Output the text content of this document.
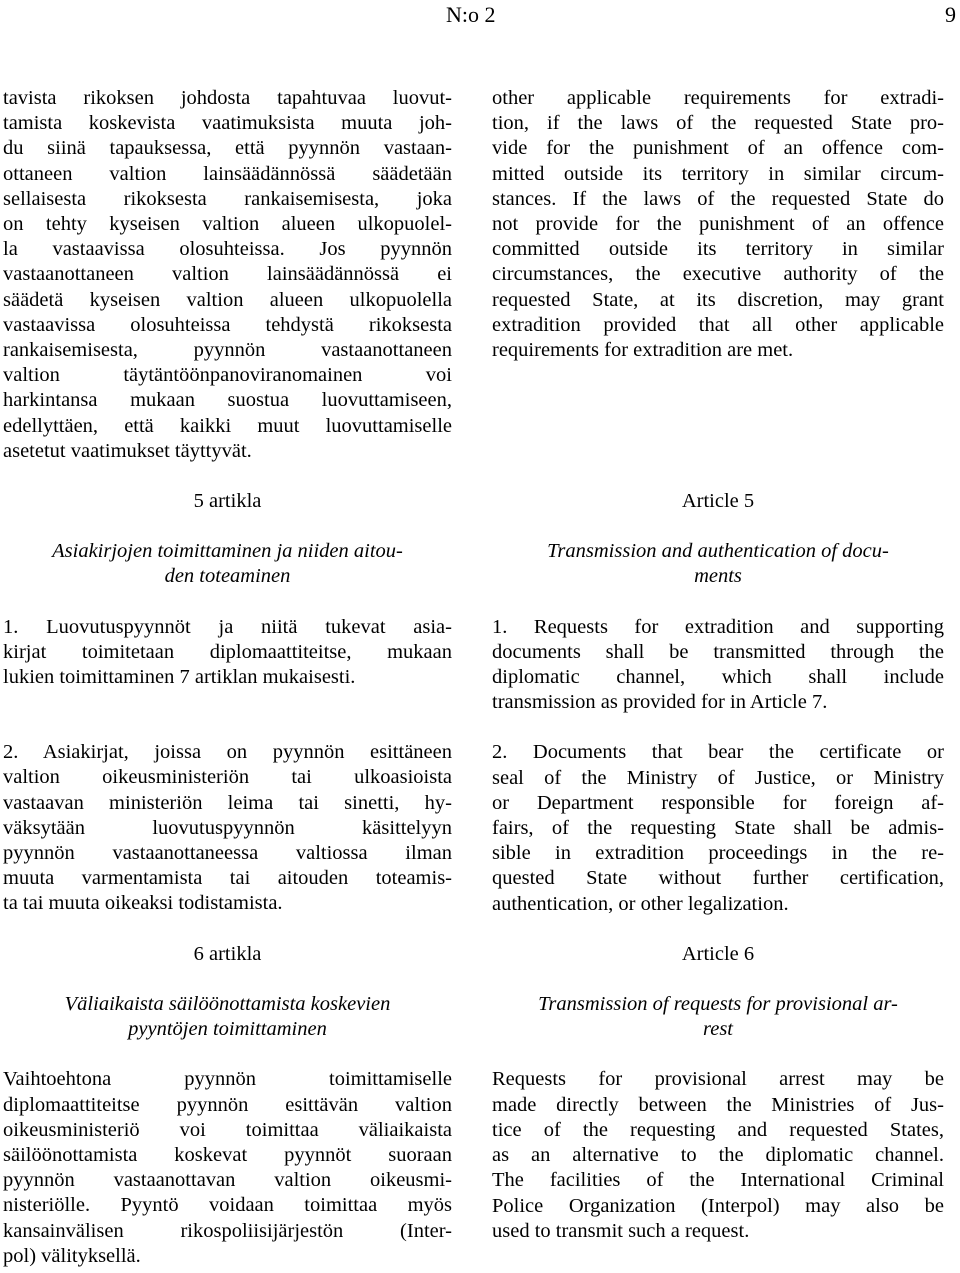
N:o 2	9

tavista rikoksen johdosta tapahtuvaa luovut-
tamista koskevista vaatimuksista muuta joh-
du siinä tapauksessa, että pyynnön vastaan-
ottaneen valtion lainsäädännössä säädetään
sellaisesta rikoksesta rankaisemisesta, joka
on tehty kyseisen valtion alueen ulkopuolel-
la vastaavissa olosuhteissa. Jos pyynnön
vastaanottaneen valtion lainsäädännössä ei
säädetä kyseisen valtion alueen ulkopuolella
vastaavissa olosuhteissa tehdystä rikoksesta
rankaisemisesta, pyynnön vastaanottaneen
valtion täytäntöönpanoviranomainen voi
harkintansa mukaan suostua luovuttamiseen,
edellyttäen, että kaikki muut luovuttamiselle
asetetut vaatimukset täyttyvät.

5 artikla
Asiakirjojen toimittaminen ja niiden aitou-
den toteaminen

1. Luovutuspyynnöt ja niitä tukevat asia-
kirjat toimitetaan diplomaattiteitse, mukaan
lukien toimittaminen 7 artiklan mukaisesti.

2. Asiakirjat, joissa on pyynnön esittäneen
valtion oikeusministeriön tai ulkoasioista
vastaavan ministeriön leima tai sinetti, hy-
väksytään luovutuspyynnön käsittelyyn
pyynnön vastaanottaneessa valtiossa ilman
muuta varmentamista tai aitouden toteamis-
ta tai muuta oikeaksi todistamista.

6 artikla
Väliaikaista säilöönottamista koskevien
pyyntöjen toimittaminen

Vaihtoehtona pyynnön toimittamiselle
diplomaattiteitse pyynnön esittävän valtion
oikeusministeriö voi toimittaa väliaikaista
säilöönottamista koskevat pyynnöt suoraan
pyynnön vastaanottavan valtion oikeusmi-
nisteriölle. Pyyntö voidaan toimittaa myös
kansainvälisen rikospoliisijärjestön (Inter-
pol) välityksellä.

other applicable requirements for extradi-
tion, if the laws of the requested State pro-
vide for the punishment of an offence com-
mitted outside its territory in similar circum-
stances. If the laws of the requested State do
not provide for the punishment of an offence
committed outside its territory in similar
circumstances, the executive authority of the
requested State, at its discretion, may grant
extradition provided that all other applicable
requirements for extradition are met.

Article 5
Transmission and authentication of docu-
ments

1. Requests for extradition and supporting
documents shall be transmitted through the
diplomatic channel, which shall include
transmission as provided for in Article 7.

2. Documents that bear the certificate or
seal of the Ministry of Justice, or Ministry
or Department responsible for foreign af-
fairs, of the requesting State shall be admis-
sible in extradition proceedings in the re-
quested State without further certification,
authentication, or other legalization.

Article 6
Transmission of requests for provisional ar-
rest

Requests for provisional arrest may be
made directly between the Ministries of Jus-
tice of the requesting and requested States,
as an alternative to the diplomatic channel.
The facilities of the International Criminal
Police Organization (Interpol) may also be
used to transmit such a request.
